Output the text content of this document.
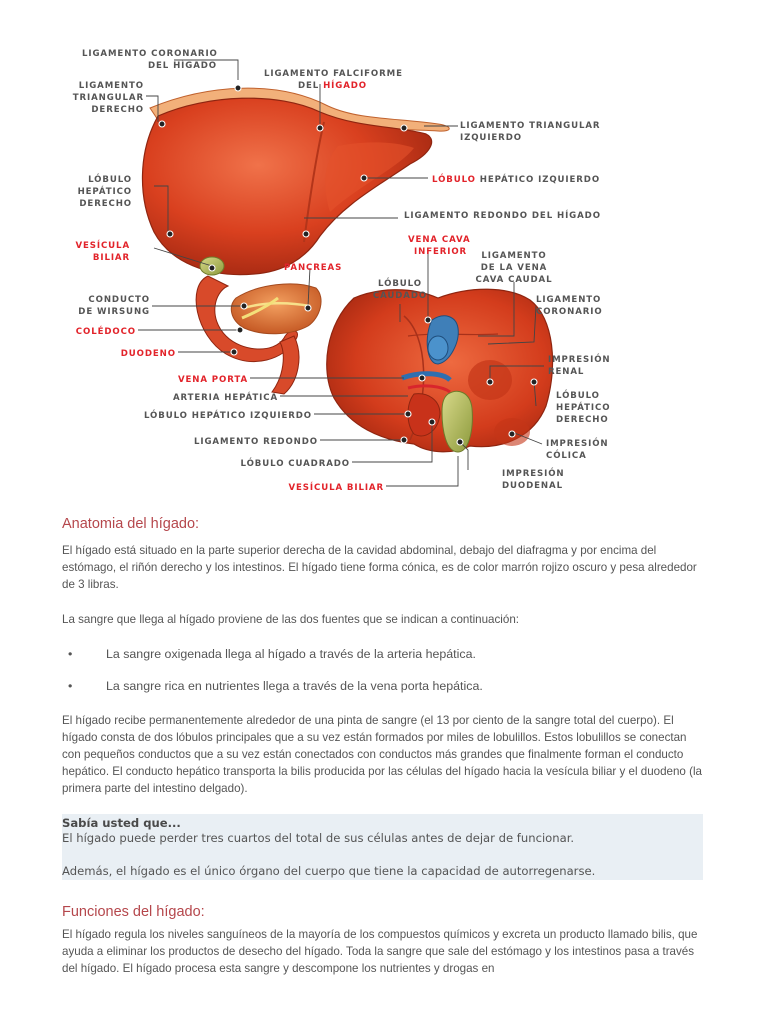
LIGAMENTO CORONARIO
DEL HÍGADO
LIGAMENTO FALCIFORME
DEL HÍGADO
LIGAMENTO
TRIANGULAR
DERECHO
LIGAMENTO TRIANGULAR
IZQUIERDO
LÓBULO
HEPÁTICO
DERECHO
LÓBULO HEPÁTICO IZQUIERDO
LIGAMENTO REDONDO DEL HÍGADO
VESÍCULA
BILIAR
VENA CAVA
INFERIOR LIGAMENTO
DE LA VENA
CAVA CAUDAL
PÁNCREAS
LÓBULO
CAUDADO	LIGAMENTO
CORONARIO
CONDUCTO
DE WIRSUNG
COLÉDOCO
DUODENO
IMPRESIÓN
RENAL
VENA PORTA
ARTERIA HEPÁTICA
LÓBULO HEPÁTICO IZQUIERDO
LÓBULO
HEPÁTICO
DERECHO
LIGAMENTO REDONDO	IMPRESIÓN
CÓLICA
LÓBULO CUADRADO
IMPRESIÓN
DUODENAL
VESÍCULA BILIAR
Anatomia del hígado:

El hígado está situado en la parte superior derecha de la cavidad abdominal, debajo del diafragma y por encima del estómago, el riñón derecho y los intestinos. El hígado tiene forma cónica, es de color marrón rojizo oscuro y pesa alrededor de 3 libras.

La sangre que llega al hígado proviene de las dos fuentes que se indican a continuación:

•	La sangre oxigenada llega al hígado a través de la arteria hepática.
•	La sangre rica en nutrientes llega a través de la vena porta hepática.

El hígado recibe permanentemente alrededor de una pinta de sangre (el 13 por ciento de la sangre total del cuerpo). El hígado consta de dos lóbulos principales que a su vez están formados por miles de lobulillos. Estos lobulillos se conectan con pequeños conductos que a su vez están conectados con conductos más grandes que finalmente forman el conducto hepático. El conducto hepático transporta la bilis producida por las células del hígado hacia la vesícula biliar y el duodeno (la primera parte del intestino delgado).

Sabía usted que...
El hígado puede perder tres cuartos del total de sus células antes de dejar de funcionar.
Además, el hígado es el único órgano del cuerpo que tiene la capacidad de autorregenarse.
Funciones del hígado:

El hígado regula los niveles sanguíneos de la mayoría de los compuestos químicos y excreta un producto llamado bilis, que ayuda a eliminar los productos de desecho del hígado. Toda la sangre que sale del estómago y los intestinos pasa a través del hígado. El hígado procesa esta sangre y descompone los nutrientes y drogas en
